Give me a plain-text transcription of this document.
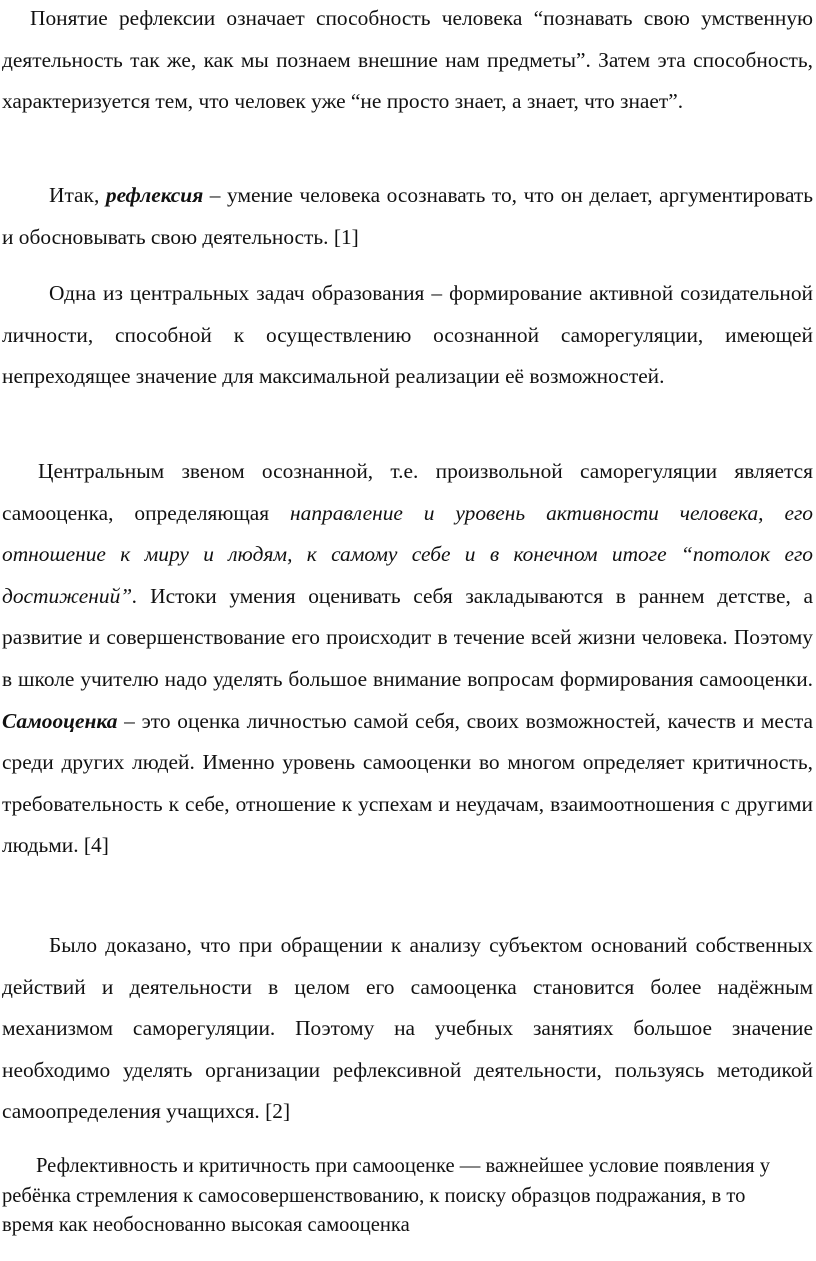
Понятие рефлексии означает способность человека “познавать свою умственную деятельность так же, как мы познаем внешние нам предметы”. Затем эта способность, характеризуется тем, что человек уже “не просто знает, а знает, что знает”.

Итак, рефлексия – умение человека осознавать то, что он делает, аргументировать и обосновывать свою деятельность. [1]

Одна из центральных задач образования – формирование активной созидательной личности, способной к осуществлению осознанной саморегуляции, имеющей непреходящее значение для максимальной реализации её возможностей.

Центральным звеном осознанной, т.е. произвольной саморегуляции является самооценка, определяющая направление и уровень активности человека, его отношение к миру и людям, к самому себе и в конечном итоге “потолок его достижений”. Истоки умения оценивать себя закладываются в раннем детстве, а развитие и совершенствование его происходит в течение всей жизни человека. Поэтому в школе учителю надо уделять большое внимание вопросам формирования самооценки. Самооценка – это оценка личностью самой себя, своих возможностей, качеств и места среди других людей. Именно уровень самооценки во многом определяет критичность, требовательность к себе, отношение к успехам и неудачам, взаимоотношения с другими людьми. [4]

Было доказано, что при обращении к анализу субъектом оснований собственных действий и деятельности в целом его самооценка становится более надёжным механизмом саморегуляции. Поэтому на учебных занятиях большое значение необходимо уделять организации рефлексивной деятельности, пользуясь методикой самоопределения учащихся. [2]

Рефлективность и критичность при самооценке — важнейшее условие появления у ребёнка стремления к самосовершенствованию, к поиску образцов подражания, в то время как необоснованно высокая самооценка
